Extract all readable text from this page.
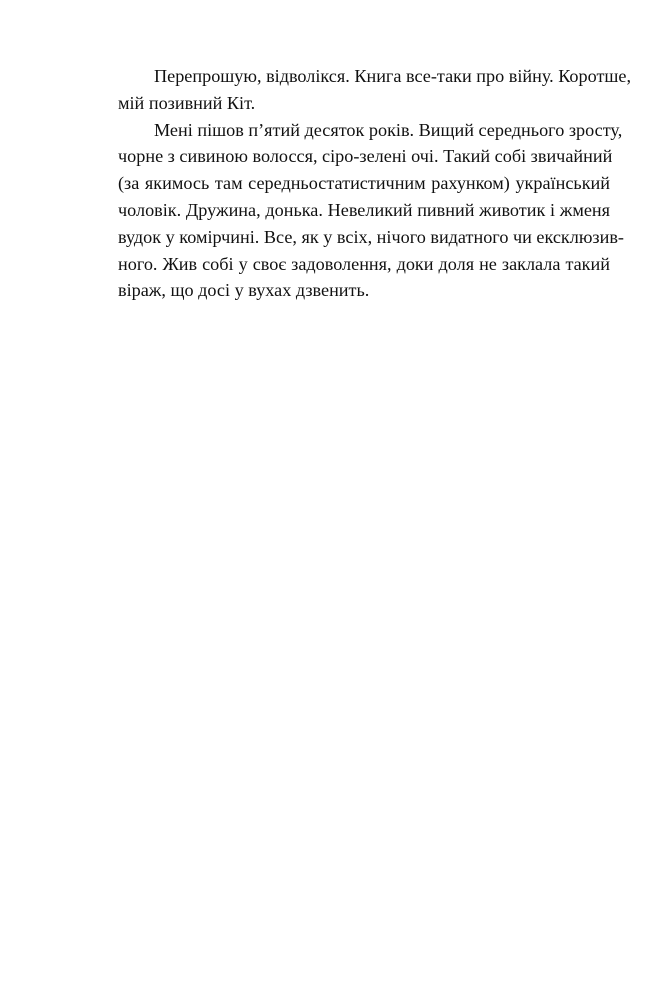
Перепрошую, відволікся. Книга все-таки про війну. Коротше,
мій позивний Кіт.
Мені пішов п’ятий десяток років. Вищий середнього зросту,
чорне з сивиною волосся, сіро-зелені очі. Такий собі звичайний
(за якимось там середньостатистичним рахунком) український
чоловік. Дружина, донька. Невеликий пивний животик і жменя
вудок у комірчині. Все, як у всіх, нічого видатного чи ексклюзив-
ного. Жив собі у своє задоволення, доки доля не заклала такий
віраж, що досі у вухах дзвенить.
